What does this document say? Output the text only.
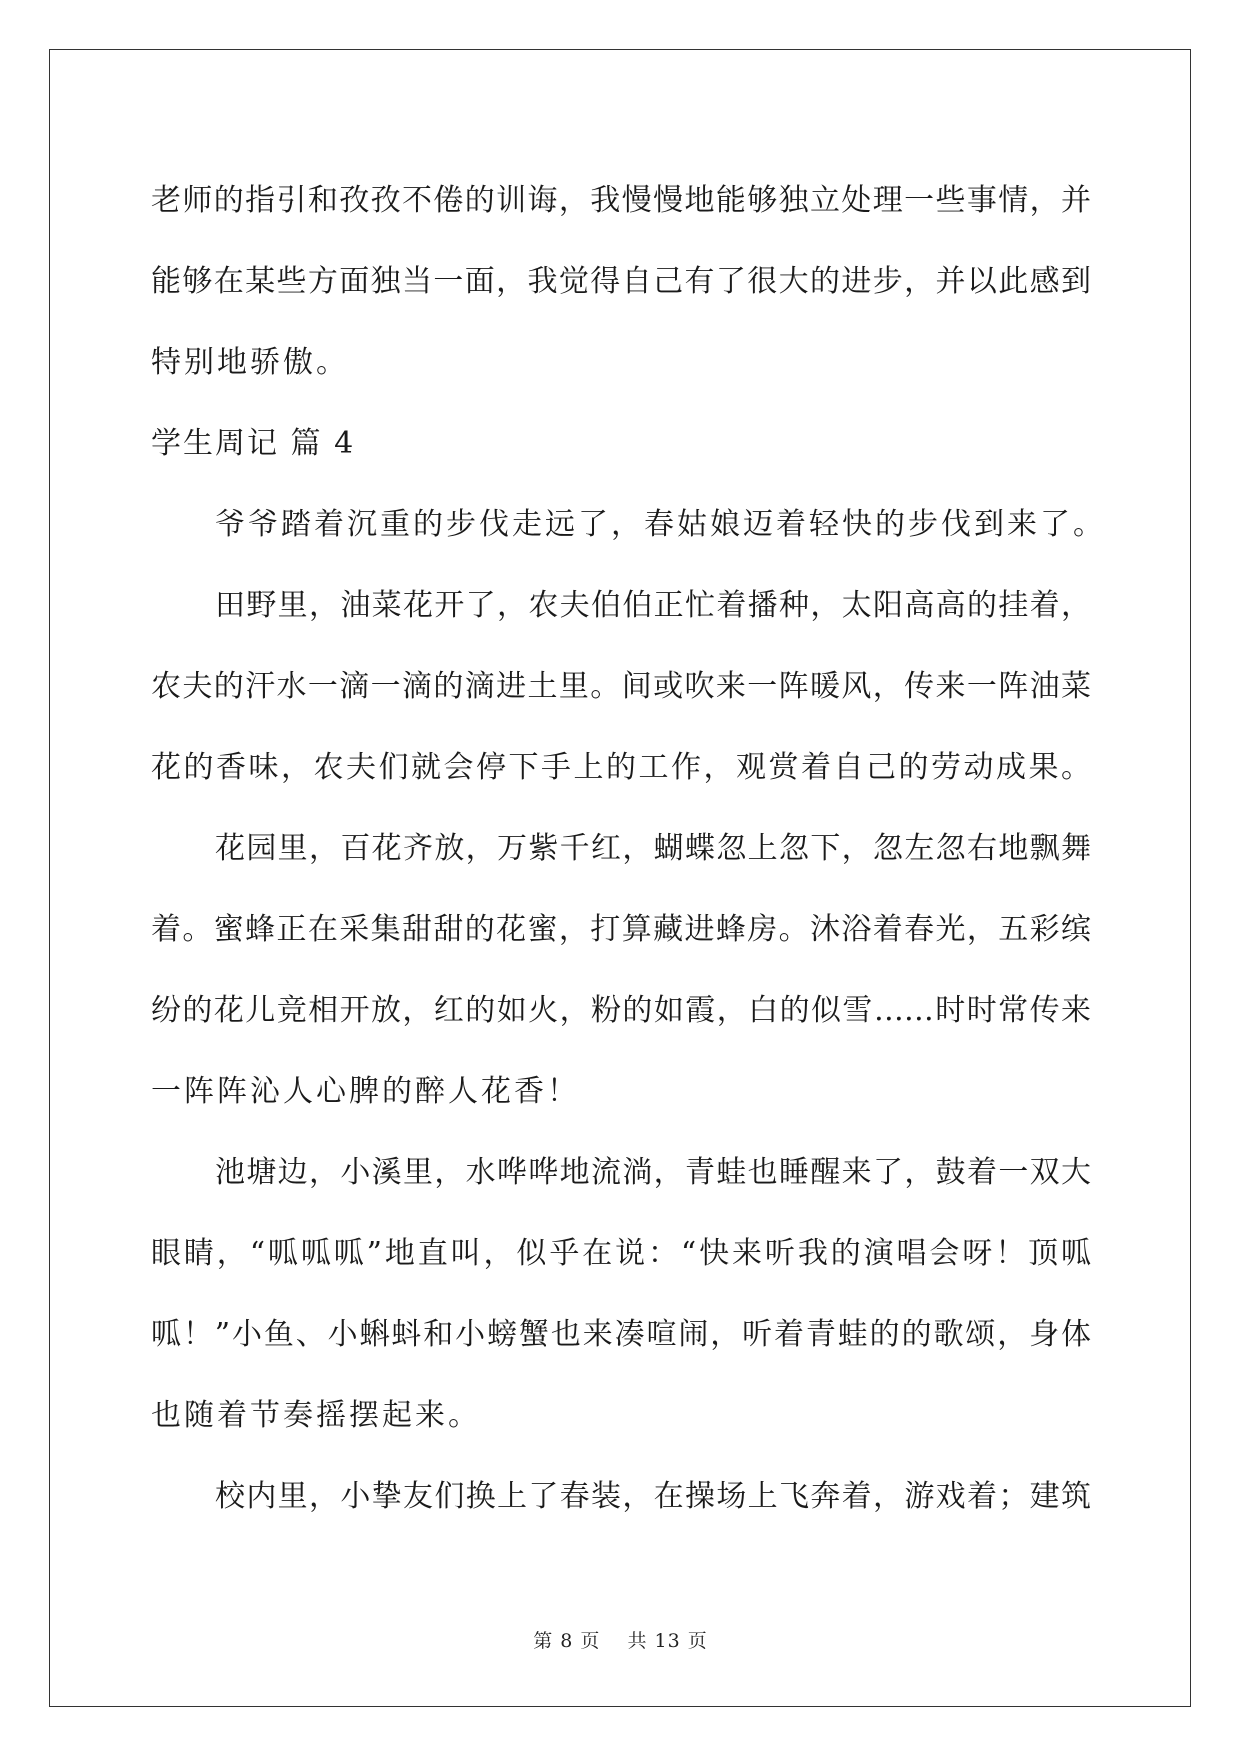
老师的指引和孜孜不倦的训诲，我慢慢地能够独立处理一些事情，并
能够在某些方面独当一面，我觉得自己有了很大的进步，并以此感到
特别地骄傲。
学生周记 篇 4
爷爷踏着沉重的步伐走远了，春姑娘迈着轻快的步伐到来了。
田野里，油菜花开了，农夫伯伯正忙着播种，太阳高高的挂着，
农夫的汗水一滴一滴的滴进土里。间或吹来一阵暖风，传来一阵油菜
花的香味，农夫们就会停下手上的工作，观赏着自己的劳动成果。
花园里，百花齐放，万紫千红，蝴蝶忽上忽下，忽左忽右地飘舞
着。蜜蜂正在采集甜甜的花蜜，打算藏进蜂房。沐浴着春光，五彩缤
纷的花儿竞相开放，红的如火，粉的如霞，白的似雪……时时常传来
一阵阵沁人心脾的醉人花香！
池塘边，小溪里，水哗哗地流淌，青蛙也睡醒来了，鼓着一双大
眼睛，“呱呱呱”地直叫，似乎在说：“快来听我的演唱会呀！顶呱
呱！”小鱼、小蝌蚪和小螃蟹也来凑喧闹，听着青蛙的的歌颂，身体
也随着节奏摇摆起来。
校内里，小挚友们换上了春装，在操场上飞奔着，游戏着；建筑
第 8 页　 共 13 页
